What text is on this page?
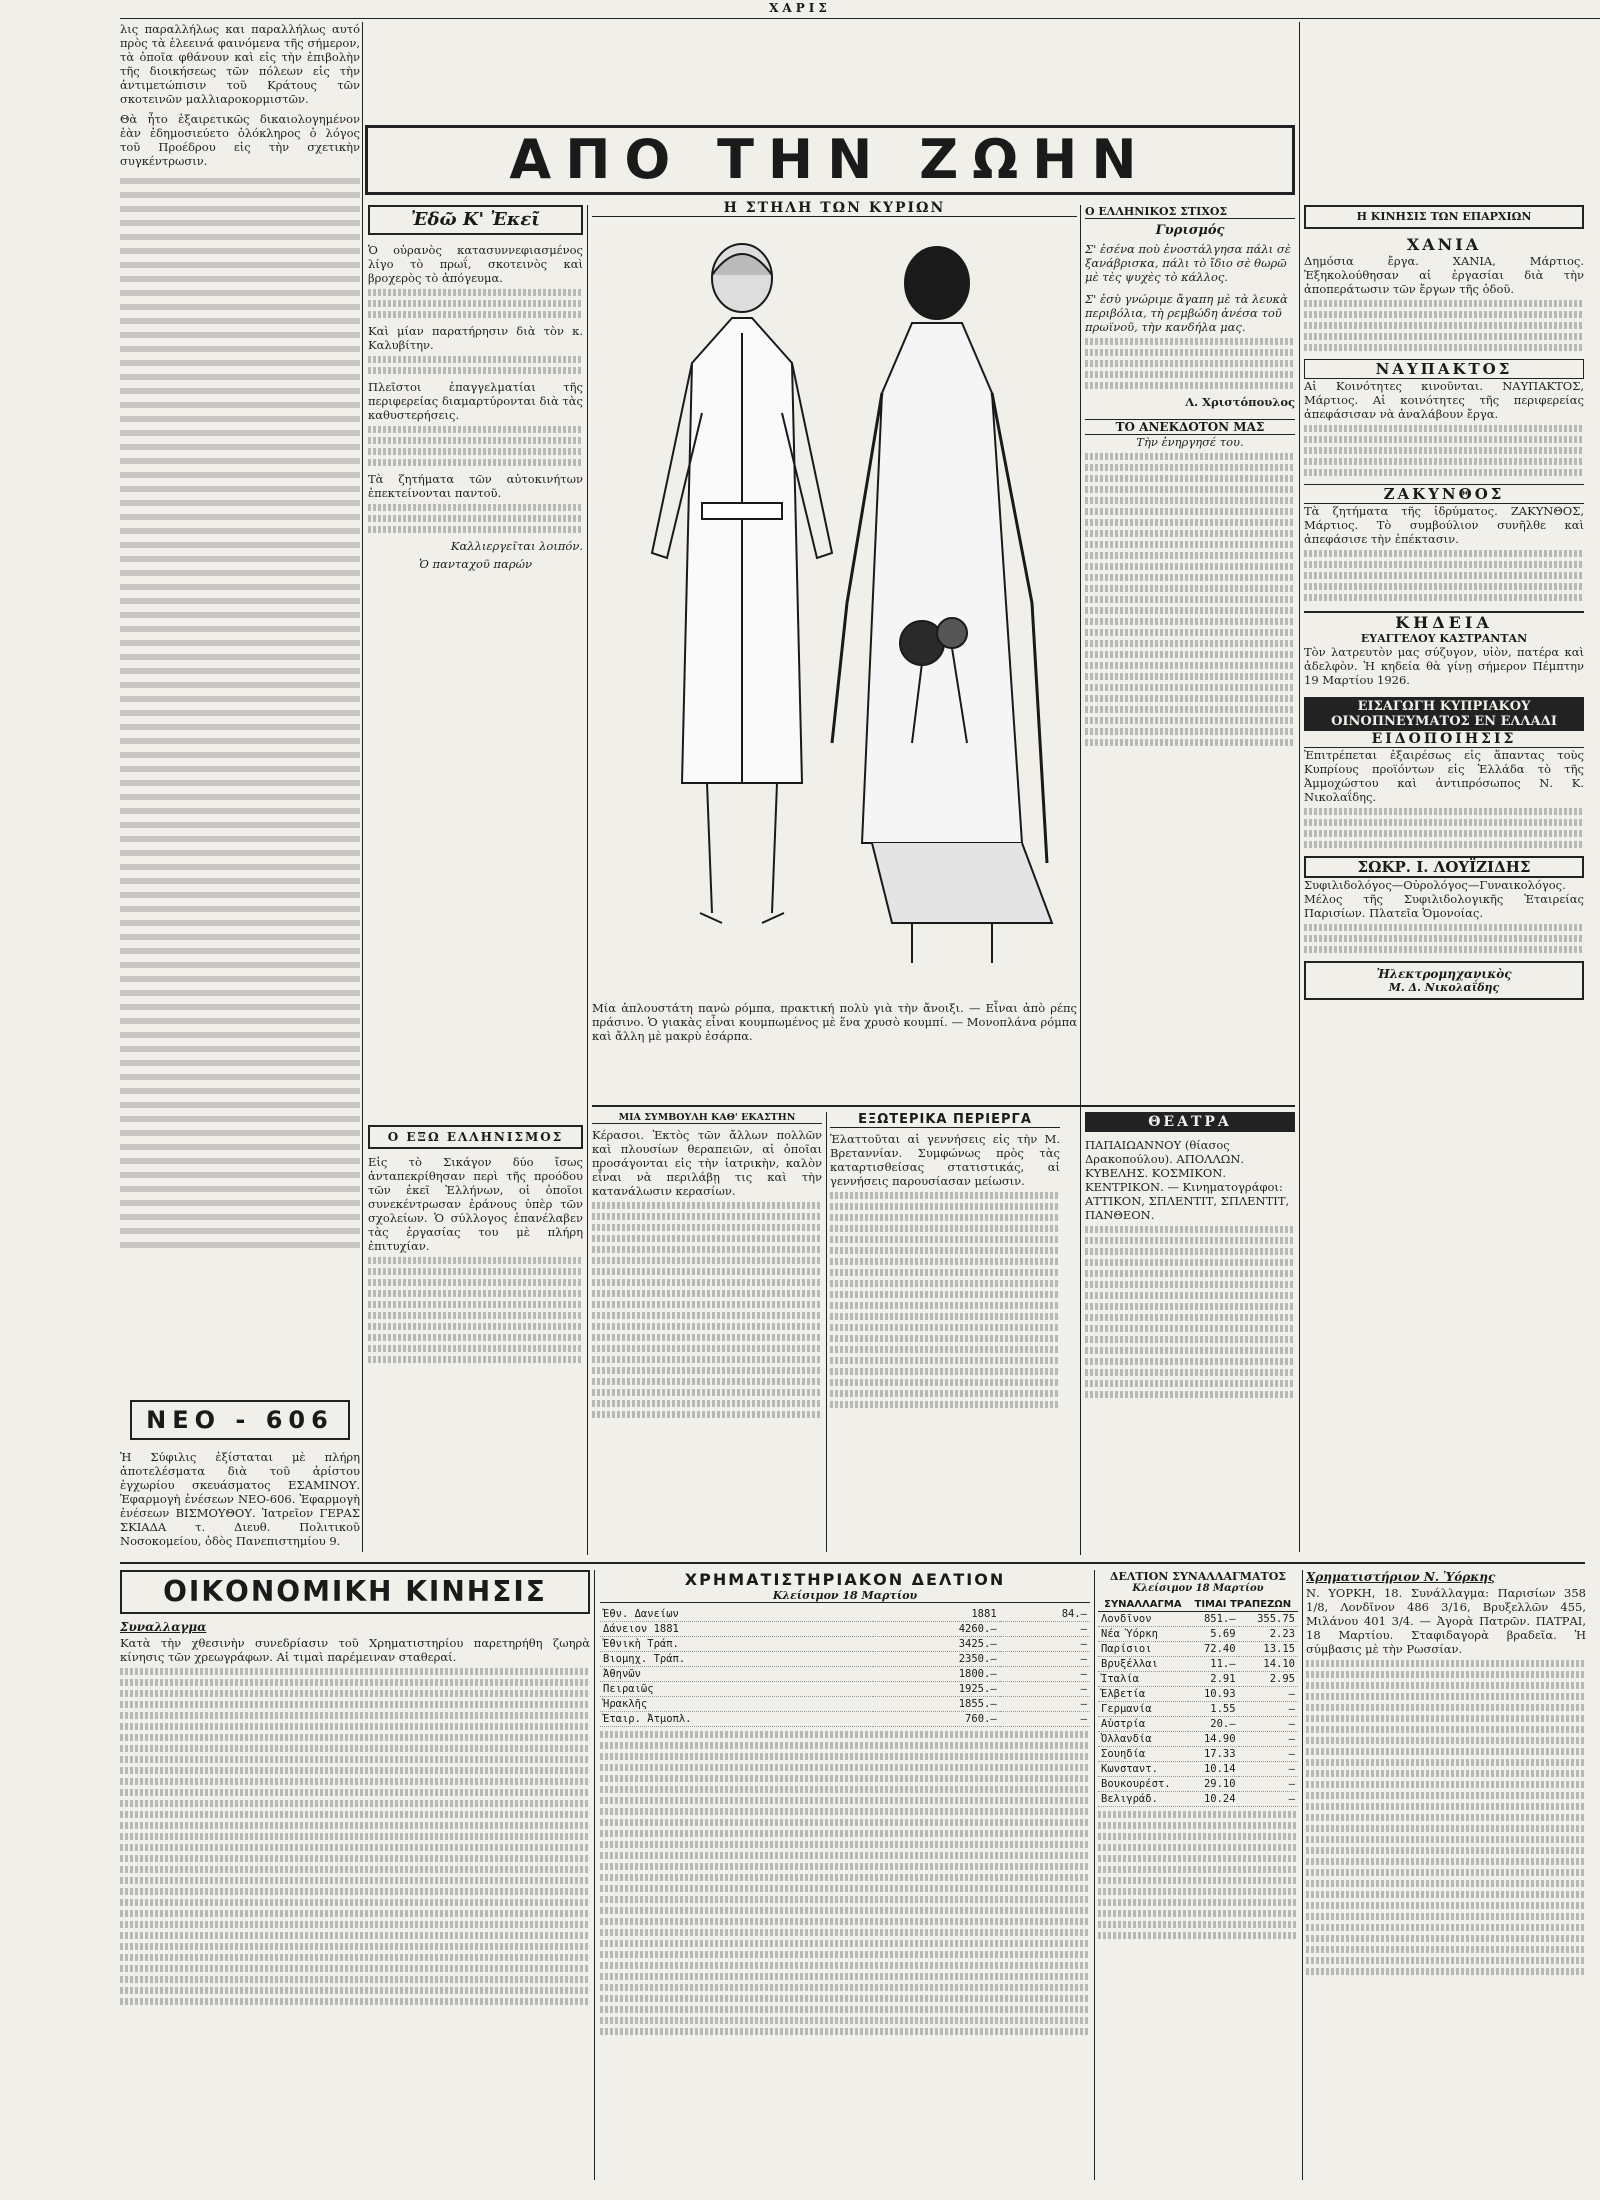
ΧΑΡΙΣ

λις παραλλήλως και παραλλήλως αυτό πρὸς τὰ ἐλεεινά φαινόμενα τῆς σήμερον, τὰ ὁποῖα φθάνουν καὶ εἰς τὴν ἐπιβολὴν τῆς διοικήσεως τῶν πόλεων εἰς τὴν ἀντιμετώπισιν τοῦ Κράτους τῶν σκοτεινῶν μαλλιαροκορμιστῶν.

Θὰ ἦτο ἐξαιρετικῶς δικαιολογημένον ἐὰν ἐδημοσιεύετο ὁλόκληρος ὁ λόγος τοῦ Προέδρου εἰς τὴν σχετικὴν συγκέντρωσιν.

ΝΕΟ - 606
Ἡ Σύφιλις ἐξίσταται μὲ πλήρη ἀποτελέσματα διὰ τοῦ ἀρίστου ἐγχωρίου σκευάσματος ΕΣΑΜΙΝΟΥ. Ἐφαρμογὴ ἐνέσεων ΝΕΟ-606. Ἐφαρμογὴ ἐνέσεων ΒΙΣΜΟΥΘΟΥ. Ἰατρεῖον ΓΕΡΑΣ ΣΚΙΑΔΑ τ. Διευθ. Πολιτικοῦ Νοσοκομείου, ὁδὸς Πανεπιστημίου 9.
ΑΠΟ ΤΗΝ ΖΩΗΝ
Ἐδῶ Κ' Ἐκεῖ

Ὁ οὐρανὸς κατασυννεφιασμένος λίγο τὸ πρωΐ, σκοτεινὸς καὶ βροχερὸς τὸ ἀπόγευμα.

Καὶ μίαν παρατήρησιν διὰ τὸν κ. Καλυβίτην.

Πλεῖστοι ἐπαγγελματίαι τῆς περιφερείας διαμαρτύρονται διὰ τὰς καθυστερήσεις.

Τὰ ζητήματα τῶν αὐτοκινήτων ἐπεκτείνονται παντοῦ.

Καλλιεργεῖται λοιπόν.

Ὁ πανταχοῦ παρών

Ο ΕΞΩ ΕΛΛΗΝΙΣΜΟΣ

Εἰς τὸ Σικάγον δύο ἴσως ἀνταπεκρίθησαν περὶ τῆς προόδου τῶν ἐκεῖ Ἑλλήνων, οἱ ὁποῖοι συνεκέντρωσαν ἐράνους ὑπὲρ τῶν σχολείων. Ὁ σύλλογος ἐπανέλαβεν τὰς ἐργασίας του μὲ πλήρη ἐπιτυχίαν.

Η ΣΤΗΛΗ ΤΩΝ ΚΥΡΙΩΝ

Μία ἀπλουστάτη πανὼ ρόμπα, πρακτική πολὺ γιὰ τὴν ἄνοιξι. — Εἶναι ἀπὸ ρέπς πράσινο. Ὁ γιακὰς εἶναι κουμπωμένος μὲ ἕνα χρυσὸ κουμπί. — Μονοπλάνα ρόμπα καὶ ἄλλη μὲ μακρὺ ἐσάρπα.

Ο ΕΛΛΗΝΙΚΟΣ ΣΤΙΧΟΣ
Γυρισμός

Σ' ἐσένα ποὺ ἐνοστάλγησα πάλι σὲ ξανάβρισκα, πάλι τὸ ἴδιο σὲ θωρῶ μὲ τὲς ψυχὲς τὸ κάλλος.

Σ' ἐσὺ γνώριμε ἄγαπη μὲ τὰ λευκὰ περιβόλια, τὴ ρεμβώδη ἀνέσα τοῦ πρωϊνοῦ, τὴν κανδήλα μας.

Λ. Χριστόπουλος
ΤΟ ΑΝΕΚΔΟΤΟΝ ΜΑΣ
Τὴν ἐνηργησέ του.
ΜΙΑ ΣΥΜΒΟΥΛΗ ΚΑΘ' ΕΚΑΣΤΗΝ

Κέρασοι. Ἐκτὸς τῶν ἄλλων πολλῶν καὶ πλουσίων θεραπειῶν, αἱ ὁποῖαι προσάγονται εἰς τὴν ἰατρικὴν, καλὸν εἶναι νὰ περιλάβῃ τις καὶ τὴν κατανάλωσιν κερασίων.

ΕΞΩΤΕΡΙΚΑ ΠΕΡΙΕΡΓΑ

Ἐλαττοῦται αἱ γεννήσεις εἰς τὴν Μ. Βρεταννίαν. Συμφώνως πρὸς τὰς καταρτισθείσας στατιστικάς, αἱ γεννήσεις παρουσίασαν μείωσιν.

ΘΕΑΤΡΑ

ΠΑΠΑΙΩΑΝΝΟΥ (θίασος Δρακοπούλου). ΑΠΟΛΛΩΝ. ΚΥΒΕΛΗΣ. ΚΟΣΜΙΚΟΝ. ΚΕΝΤΡΙΚΟΝ. — Κινηματογράφοι: ΑΤΤΙΚΟΝ, ΣΠΛΕΝΤΙΤ, ΣΠΛΕΝΤΙΤ, ΠΑΝΘΕΟΝ.

Η ΚΙΝΗΣΙΣ ΤΩΝ ΕΠΑΡΧΙΩΝ
ΧΑΝΙΑ

Δημόσια ἔργα. ΧΑΝΙΑ, Μάρτιος. Ἐξηκολούθησαν αἱ ἐργασίαι διὰ τὴν ἀποπεράτωσιν τῶν ἔργων τῆς ὁδοῦ.

ΝΑΥΠΑΚΤΟΣ

Αἱ Κοινότητες κινοῦνται. ΝΑΥΠΑΚΤΟΣ, Μάρτιος. Αἱ κοινότητες τῆς περιφερείας ἀπεφάσισαν νὰ ἀναλάβουν ἔργα.

ΖΑΚΥΝΘΟΣ

Τὰ ζητήματα τῆς ἰδρύματος. ΖΑΚΥΝΘΟΣ, Μάρτιος. Τὸ συμβούλιον συνῆλθε καὶ ἀπεφάσισε τὴν ἐπέκτασιν.

ΚΗΔΕΙΑ
ΕΥΑΓΓΕΛΟΥ ΚΑΣΤΡΑΝΤΑΝ

Τὸν λατρευτὸν μας σύζυγον, υἱὸν, πατέρα καὶ ἀδελφὸν. Ἡ κηδεία θὰ γίνῃ σήμερον Πέμπτην 19 Μαρτίου 1926.

ΕΙΣΑΓΩΓΗ ΚΥΠΡΙΑΚΟΥ ΟΙΝΟΠΝΕΥΜΑΤΟΣ ΕΝ ΕΛΛΑΔΙ
ΕΙΔΟΠΟΙΗΣΙΣ

Ἐπιτρέπεται ἐξαιρέσως εἰς ἅπαντας τοὺς Κυπρίους προϊόντων εἰς Ἑλλάδα τὸ τῆς Ἀμμοχώστου καὶ ἀντιπρόσωπος Ν. Κ. Νικολαΐδης.

ΣΩΚΡ. Ι. ΛΟΥΪΖΙΔΗΣ

Συφιλιδολόγος—Οὐρολόγος—Γυναικολόγος. Μέλος τῆς Συφιλιδολογικῆς Ἑταιρείας Παρισίων. Πλατεῖα Ὁμονοίας.

Ἠλεκτρομηχανικὸς
Μ. Δ. Νικολαΐδης
ΟΙΚΟΝΟΜΙΚΗ ΚΙΝΗΣΙΣ
Συναλλαγμα

Κατὰ τὴν χθεσινὴν συνεδρίασιν τοῦ Χρηματιστηρίου παρετηρήθη ζωηρὰ κίνησις τῶν χρεωγράφων. Αἱ τιμαὶ παρέμειναν σταθεραί.

ΧΡΗΜΑΤΙΣΤΗΡΙΑΚΟΝ ΔΕΛΤΙΟΝ
Κλείσιμον 18 Μαρτίου
Ἐθν. Δανείων	1881	84.—
Δάνειον 1881	4260.—	—
Ἐθνικὴ Τράπ.	3425.—	—
Βιομηχ. Τράπ.	2350.—	—
Ἀθηνῶν	1800.—	—
Πειραιῶς	1925.—	—
Ἡρακλῆς	1855.—	—
Ἐταιρ. Ἀτμοπλ.	760.—	—
ΔΕΛΤΙΟΝ ΣΥΝΑΛΛΑΓΜΑΤΟΣ
Κλείσιμον 18 Μαρτίου
ΣΥΝΑΛΛΑΓΜΑ	ΤΙΜΑΙ ΤΡΑΠΕΖΩΝ	
Λονδῖνον	851.—	355.75
Νέα Ὑόρκη	5.69	2.23
Παρίσιοι	72.40	13.15
Βρυξέλλαι	11.—	14.10
Ἰταλία	2.91	2.95
Ἑλβετία	10.93	—
Γερμανία	1.55	—
Αὐστρία	20.—	—
Ὀλλανδία	14.90	—
Σουηδία	17.33	—
Κωνσταντ.	10.14	—
Βουκουρέστ.	29.10	—
Βελιγράδ.	10.24	—
Χρηματιστήριον Ν. Ὑόρκης

Ν. ΥΟΡΚΗ, 18. Συνάλλαγμα: Παρισίων 358 1/8, Λονδῖνον 486 3/16, Βρυξελλῶν 455, Μιλάνου 401 3/4. — Ἀγορὰ Πατρῶν. ΠΑΤΡΑΙ, 18 Μαρτίου. Σταφιδαγορὰ βραδεῖα. Ἡ σύμβασις μὲ τὴν Ρωσσίαν.
